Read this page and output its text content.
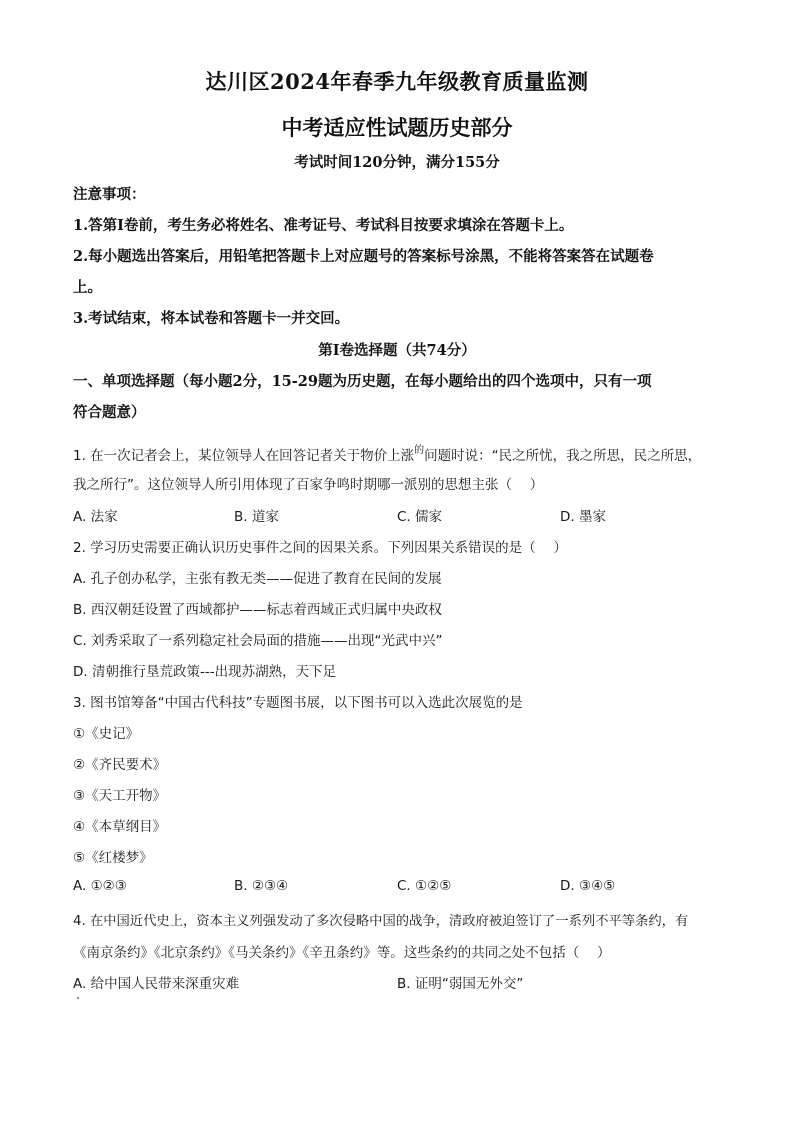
达川区2024年春季九年级教育质量监测
中考适应性试题历史部分
考试时间120分钟，满分155分
注意事项：
1.答第Ⅰ卷前，考生务必将姓名、准考证号、考试科目按要求填涂在答题卡上。
2.每小题选出答案后，用铅笔把答题卡上对应题号的答案标号涂黑，不能将答案答在试题卷
上。
3.考试结束，将本试卷和答题卡一并交回。
第Ⅰ卷选择题（共74分）
一、单项选择题（每小题2分，15-29题为历史题，在每小题给出的四个选项中，只有一项
符合题意）
1. 在一次记者会上，某位领导人在回答记者关于物价上涨$^的$问题时说：“民之所忧，我之所思，民之所思，
我之所行”。这位领导人所引用体现了百家争鸣时期哪一派别的思想主张（　 ）
A. 法家	B. 道家	C. 儒家	D. 墨家
2. 学习历史需要正确认识历史事件之间的因果关系。下列因果关系错误的是（　 ）
A. 孔子创办私学，主张有教无类——促进了教育在民间的发展
B. 西汉朝廷设置了西域都护——标志着西域正式归属中央政权
C. 刘秀采取了一系列稳定社会局面的措施——出现“光武中兴”
D. 清朝推行垦荒政策---出现苏湖熟，天下足
3. 图书馆筹备“中国古代科技”专题图书展，以下图书可以入选此次展览的是
①《史记》
②《齐民要术》
③《天工开物》
④《本草纲目》
⑤《红楼梦》
A. ①②③	B. ②③④	C. ①②⑤	D. ③④⑤
4. 在中国近代史上，资本主义列强发动了多次侵略中国的战争，清政府被迫签订了一系列不平等条约，有
《南京条约》《北京条约》《马关条约》《辛丑条约》等。这些条约的共同之处不包括（　 ）
A. 给中国人民带来深重灾难	B. 证明“弱国无外交”
